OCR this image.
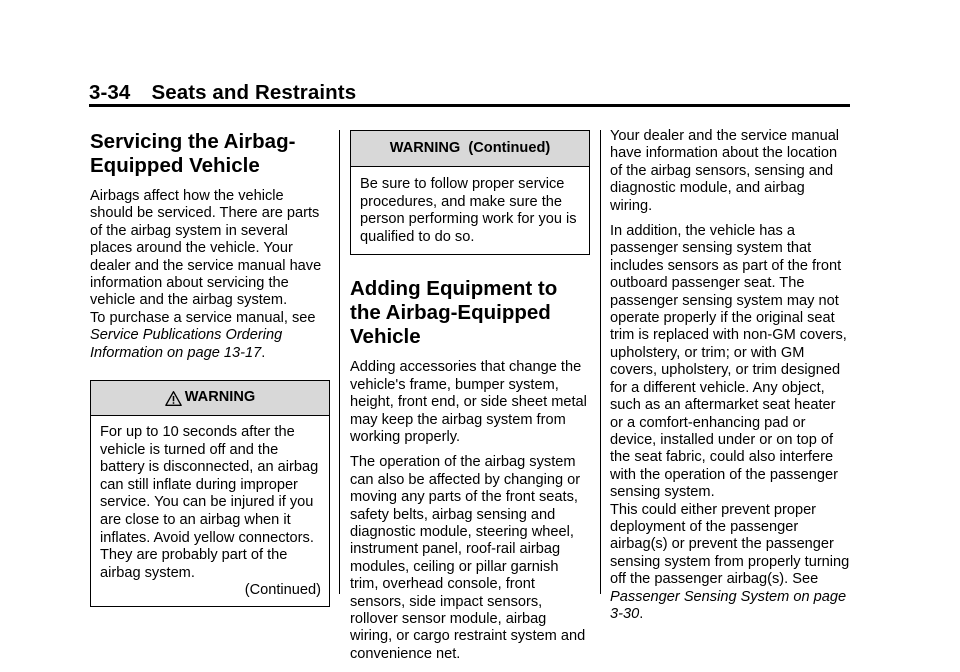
3-34 Seats and Restraints
Servicing the Airbag-Equipped Vehicle

Airbags affect how the vehicle should be serviced. There are parts of the airbag system in several places around the vehicle. Your dealer and the service manual have information about servicing the vehicle and the airbag system.

To purchase a service manual, see Service Publications Ordering Information on page 13-17.

WARNING

For up to 10 seconds after the vehicle is turned off and the battery is disconnected, an airbag can still inflate during improper service. You can be injured if you are close to an airbag when it inflates. Avoid yellow connectors. They are probably part of the airbag system.

(Continued)

WARNING  (Continued)

Be sure to follow proper service procedures, and make sure the person performing work for you is qualified to do so.

Adding Equipment to the Airbag-Equipped Vehicle

Adding accessories that change the vehicle's frame, bumper system, height, front end, or side sheet metal may keep the airbag system from working properly.

The operation of the airbag system can also be affected by changing or moving any parts of the front seats, safety belts, airbag sensing and diagnostic module, steering wheel, instrument panel, roof-rail airbag modules, ceiling or pillar garnish trim, overhead console, front sensors, side impact sensors, rollover sensor module, airbag wiring, or cargo restraint system and convenience net.

Your dealer and the service manual have information about the location of the airbag sensors, sensing and diagnostic module, and airbag wiring.

In addition, the vehicle has a passenger sensing system that includes sensors as part of the front outboard passenger seat. The passenger sensing system may not operate properly if the original seat trim is replaced with non-GM covers, upholstery, or trim; or with GM covers, upholstery, or trim designed for a different vehicle. Any object, such as an aftermarket seat heater or a comfort-enhancing pad or device, installed under or on top of the seat fabric, could also interfere with the operation of the passenger sensing system.

This could either prevent proper deployment of the passenger airbag(s) or prevent the passenger sensing system from properly turning off the passenger airbag(s). See Passenger Sensing System on page 3-30.
